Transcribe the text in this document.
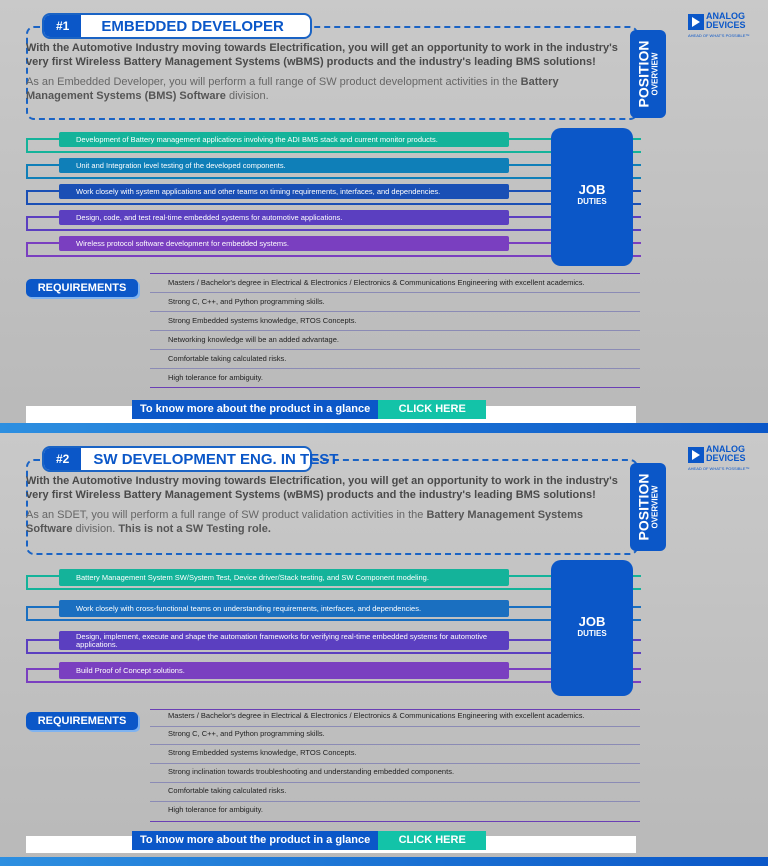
#1	EMBEDDED DEVELOPER
With the Automotive Industry moving towards Electrification, you will get an opportunity to work in the industry's very first Wireless Battery Management Systems (wBMS) products and the industry's leading BMS solutions!
As an Embedded Developer, you will perform a full range of SW product development activities in the Battery Management Systems (BMS) Software division.	POSITION OVERVIEW
ANALOG
DEVICES
AHEAD OF WHAT'S POSSIBLE™
Development of Battery management applications involving the ADI BMS stack and current monitor products.
Unit and Integration level testing of the developed components.
Work closely with system applications and other teams on timing requirements, interfaces, and dependencies.
Design, code, and test real-time embedded systems for automotive applications.
Wireless protocol software development for embedded systems.
JOB
DUTIES
REQUIREMENTS	Masters / Bachelor's degree in Electrical & Electronics / Electronics & Communications Engineering with excellent academics.
Strong C, C++, and Python programming skills.
Strong Embedded systems knowledge, RTOS Concepts.
Networking knowledge will be an added advantage.
Comfortable taking calculated risks.
High tolerance for ambiguity.
To know more about the product in a glance	CLICK HERE
#2	SW DEVELOPMENT ENG. IN TEST
With the Automotive Industry moving towards Electrification, you will get an opportunity to work in the industry's very first Wireless Battery Management Systems (wBMS) products and the industry's leading BMS solutions!
As an SDET, you will perform a full range of SW product validation activities in the Battery Management Systems Software division. This is not a SW Testing role.	POSITION OVERVIEW
ANALOG
DEVICES
AHEAD OF WHAT'S POSSIBLE™
Battery Management System SW/System Test, Device driver/Stack testing, and SW Component modeling.
Work closely with cross-functional teams on understanding requirements, interfaces, and dependencies.
Design, implement, execute and shape the automation frameworks for verifying real-time embedded systems for automotive applications.
Build Proof of Concept solutions.
JOB
DUTIES
REQUIREMENTS	Masters / Bachelor's degree in Electrical & Electronics / Electronics & Communications Engineering with excellent academics.
Strong C, C++, and Python programming skills.
Strong Embedded systems knowledge, RTOS Concepts.
Strong inclination towards troubleshooting and understanding embedded components.
Comfortable taking calculated risks.
High tolerance for ambiguity.
To know more about the product in a glance	CLICK HERE
